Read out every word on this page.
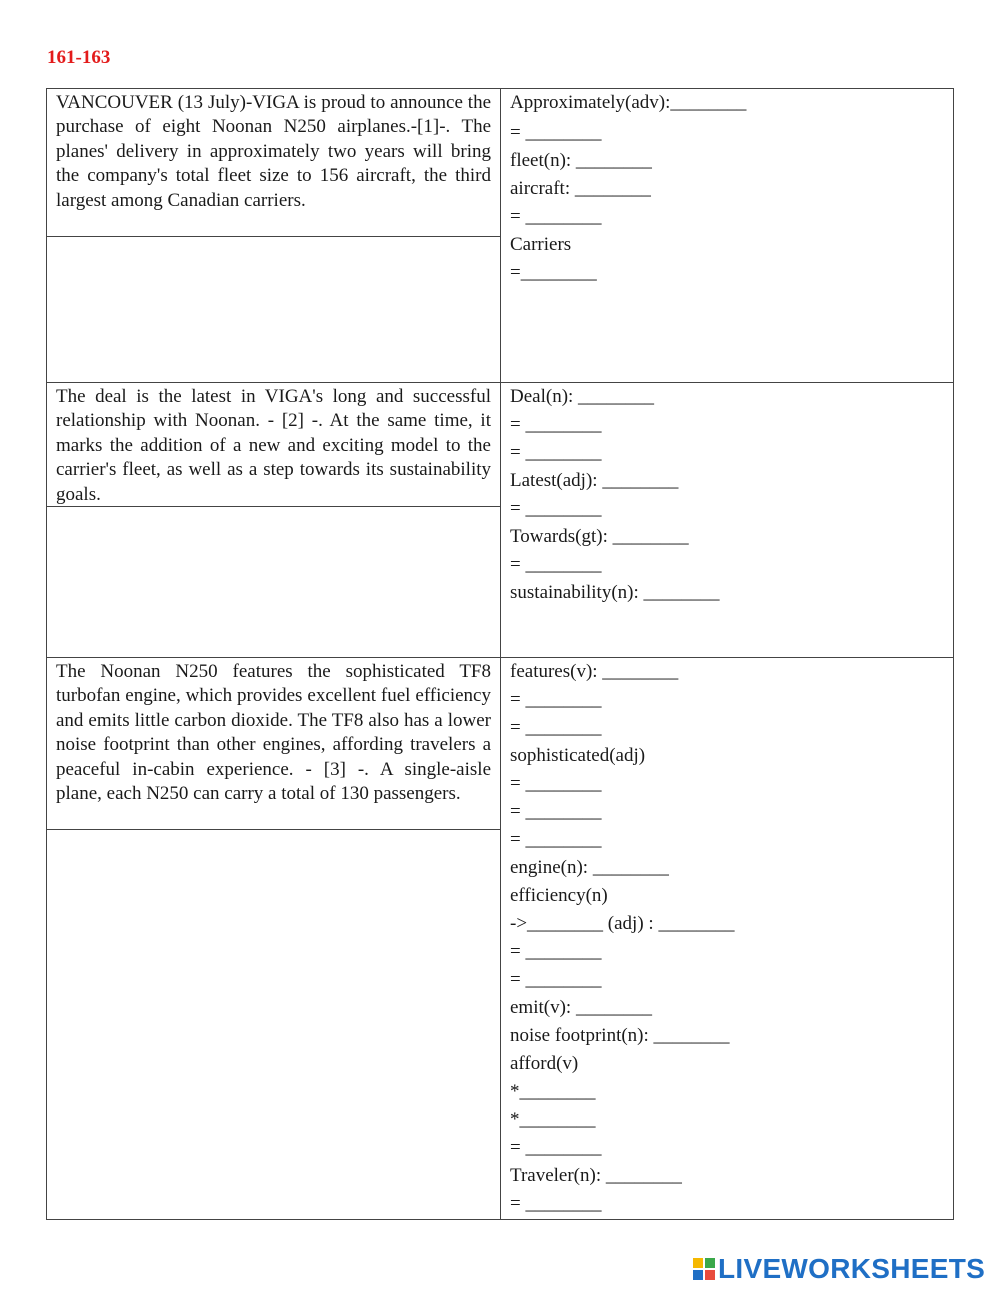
161-163
VANCOUVER (13 July)-VIGA is proud to announce the purchase of eight Noonan N250 airplanes.-[1]-. The planes' delivery in approximately two years will bring the company's total fleet size to 156 aircraft, the third largest among Canadian carriers.
Approximately(adv):________
= ________
fleet(n): ________
aircraft: ________
= ________
Carriers
=________
The deal is the latest in VIGA's long and successful relationship with Noonan. - [2] -. At the same time, it marks the addition of a new and exciting model to the carrier's fleet, as well as a step towards its sustainability goals.
Deal(n): ________
= ________
= ________
Latest(adj): ________
= ________
Towards(gt): ________
= ________
sustainability(n): ________
The Noonan N250 features the sophisticated TF8 turbofan engine, which provides excellent fuel efficiency and emits little carbon dioxide. The TF8 also has a lower noise footprint than other engines, affording travelers a peaceful in-cabin experience. - [3] -. A single-aisle plane, each N250 can carry a total of 130 passengers.
features(v): ________
= ________
= ________
sophisticated(adj)
= ________
= ________
= ________
engine(n): ________
efficiency(n)
->________ (adj) : ________
= ________
= ________
emit(v): ________
noise footprint(n): ________
afford(v)
*________
*________
= ________
Traveler(n): ________
= ________
LIVEWORKSHEETS
